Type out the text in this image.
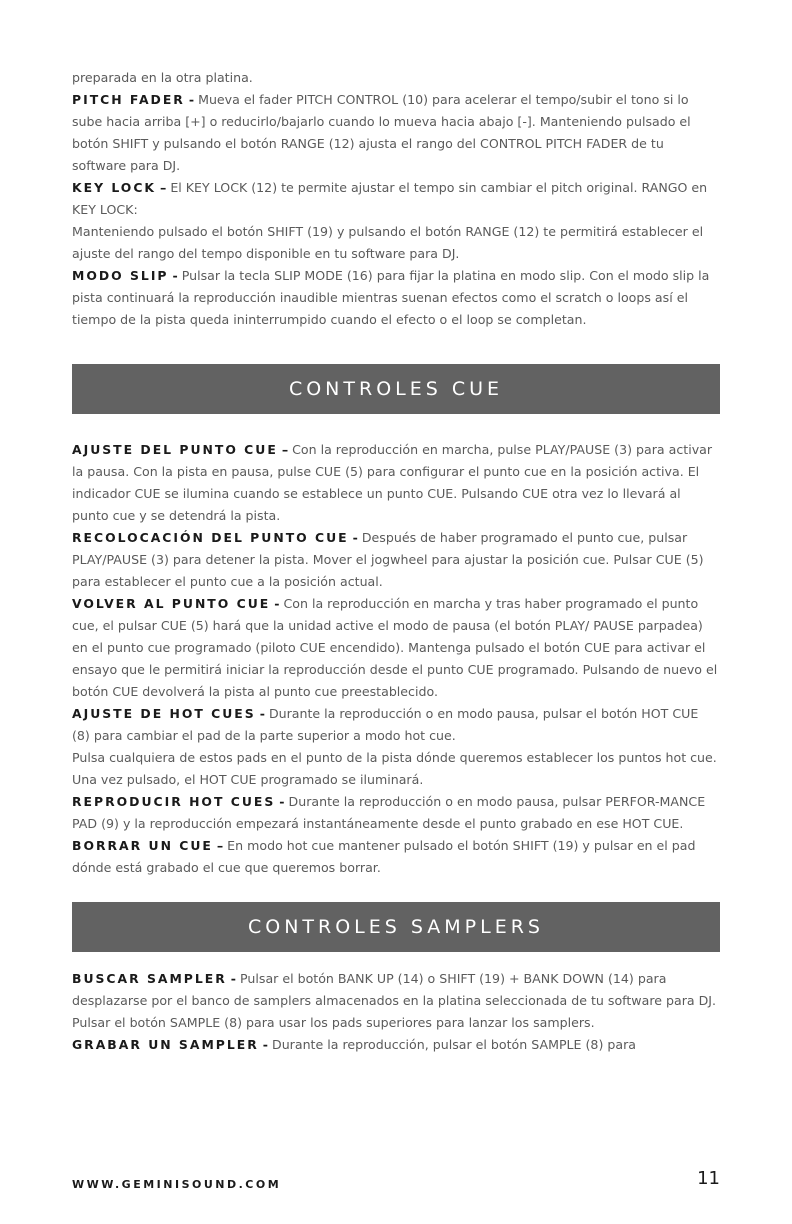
preparada en la otra platina.

PITCH FADER - Mueva el fader PITCH CONTROL (10) para acelerar el tempo/subir el tono si lo sube hacia arriba [+] o reducirlo/bajarlo cuando lo mueva hacia abajo [-]. Manteniendo pulsado el botón SHIFT y pulsando el botón RANGE (12) ajusta el rango del CONTROL PITCH FADER de tu software para DJ.

KEY LOCK – El KEY LOCK (12) te permite ajustar el tempo sin cambiar el pitch original. RANGO en KEY LOCK:
Manteniendo pulsado el botón SHIFT (19) y pulsando el botón RANGE (12) te permitirá establecer el ajuste del rango del tempo disponible en tu software para DJ.

MODO SLIP - Pulsar la tecla SLIP MODE (16) para fijar la platina en modo slip. Con el modo slip la pista continuará la reproducción inaudible mientras suenan efectos como el scratch o loops así el tiempo de la pista queda ininterrumpido cuando el efecto o el loop se completan.

CONTROLES CUE

AJUSTE DEL PUNTO CUE – Con la reproducción en marcha, pulse PLAY/PAUSE (3) para activar la pausa. Con la pista en pausa, pulse CUE (5) para configurar el punto cue en la posición activa. El indicador CUE se ilumina cuando se establece un punto CUE. Pulsando CUE otra vez lo llevará al punto cue y se detendrá la pista.

RECOLOCACIÓN DEL PUNTO CUE - Después de haber programado el punto cue, pulsar PLAY/PAUSE (3) para detener la pista. Mover el jogwheel para ajustar la posición cue. Pulsar CUE (5) para establecer el punto cue a la posición actual.

VOLVER AL PUNTO CUE - Con la reproducción en marcha y tras haber programado el punto cue, el pulsar CUE (5) hará que la unidad active el modo de pausa (el botón PLAY/ PAUSE parpadea) en el punto cue programado (piloto CUE encendido). Mantenga pulsado el botón CUE para activar el ensayo que le permitirá iniciar la reproducción desde el punto CUE programado. Pulsando de nuevo el botón CUE devolverá la pista al punto cue preestablecido.

AJUSTE DE HOT CUES - Durante la reproducción o en modo pausa, pulsar el botón HOT CUE (8) para cambiar el pad de la parte superior a modo hot cue.
Pulsa cualquiera de estos pads en el punto de la pista dónde queremos establecer los puntos hot cue. Una vez pulsado, el HOT CUE programado se iluminará.

REPRODUCIR HOT CUES - Durante la reproducción o en modo pausa, pulsar PERFOR-MANCE PAD (9) y la reproducción empezará instantáneamente desde el punto grabado en ese HOT CUE.

BORRAR UN CUE – En modo hot cue mantener pulsado el botón SHIFT (19) y pulsar en el pad dónde está grabado el cue que queremos borrar.

CONTROLES SAMPLERS

BUSCAR SAMPLER - Pulsar el botón BANK UP (14) o SHIFT (19) + BANK DOWN (14) para desplazarse por el banco de samplers almacenados en la platina seleccionada de tu software para DJ. Pulsar el botón SAMPLE (8) para usar los pads superiores para lanzar los samplers.

GRABAR UN SAMPLER - Durante la reproducción, pulsar el botón SAMPLE (8) para

WWW.GEMINISOUND.COM	11
